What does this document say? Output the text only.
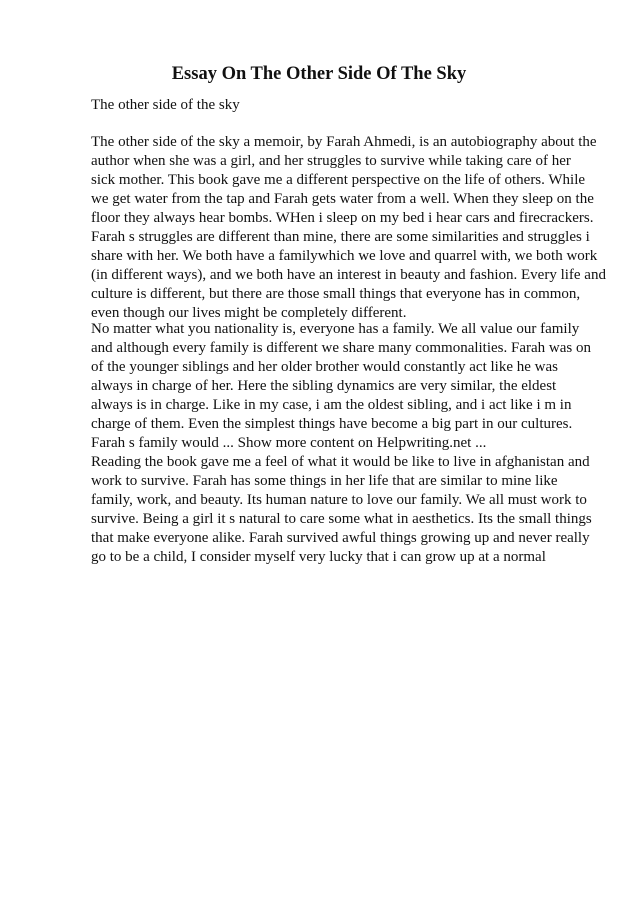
Essay On The Other Side Of The Sky
The other side of the sky
The other side of the sky a memoir, by Farah Ahmedi, is an autobiography about the
author when she was a girl, and her struggles to survive while taking care of her
sick mother. This book gave me a different perspective on the life of others. While
we get water from the tap and Farah gets water from a well. When they sleep on the
floor they always hear bombs. WHen i sleep on my bed i hear cars and firecrackers.
Farah s struggles are different than mine, there are some similarities and struggles i
share with her. We both have a familywhich we love and quarrel with, we both work
(in different ways), and we both have an interest in beauty and fashion. Every life and
culture is different, but there are those small things that everyone has in common,
even though our lives might be completely different.
No matter what you nationality is, everyone has a family. We all value our family
and although every family is different we share many commonalities. Farah was on
of the younger siblings and her older brother would constantly act like he was
always in charge of her. Here the sibling dynamics are very similar, the eldest
always is in charge. Like in my case, i am the oldest sibling, and i act like i m in
charge of them. Even the simplest things have become a big part in our cultures.
Farah s family would ... Show more content on Helpwriting.net ...
Reading the book gave me a feel of what it would be like to live in afghanistan and
work to survive. Farah has some things in her life that are similar to mine like
family, work, and beauty. Its human nature to love our family. We all must work to
survive. Being a girl it s natural to care some what in aesthetics. Its the small things
that make everyone alike. Farah survived awful things growing up and never really
go to be a child, I consider myself very lucky that i can grow up at a normal
